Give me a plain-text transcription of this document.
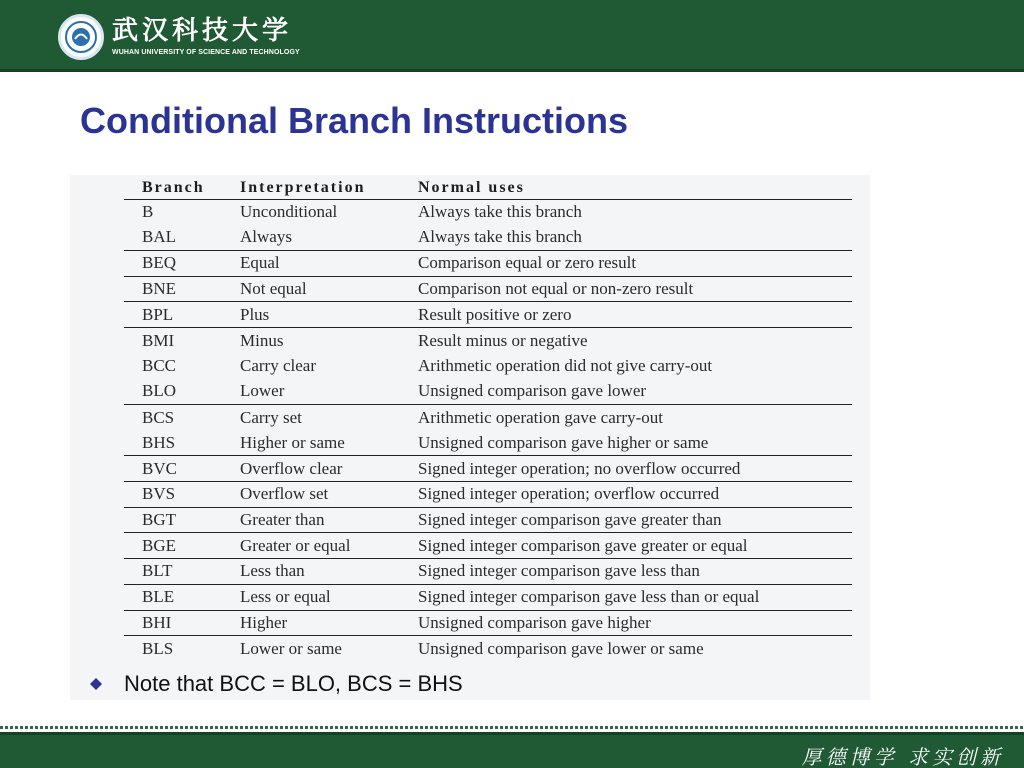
武汉科技大学
WUHAN UNIVERSITY OF SCIENCE AND TECHNOLOGY
Conditional Branch Instructions
Branch	Interpretation	Normal uses
B	Unconditional	Always take this branch
BAL	Always	Always take this branch
BEQ	Equal	Comparison equal or zero result
BNE	Not equal	Comparison not equal or non-zero result
BPL	Plus	Result positive or zero
BMI	Minus	Result minus or negative
BCC	Carry clear	Arithmetic operation did not give carry-out
BLO	Lower	Unsigned comparison gave lower
BCS	Carry set	Arithmetic operation gave carry-out
BHS	Higher or same	Unsigned comparison gave higher or same
BVC	Overflow clear	Signed integer operation; no overflow occurred
BVS	Overflow set	Signed integer operation; overflow occurred
BGT	Greater than	Signed integer comparison gave greater than
BGE	Greater or equal	Signed integer comparison gave greater or equal
BLT	Less than	Signed integer comparison gave less than
BLE	Less or equal	Signed integer comparison gave less than or equal
BHI	Higher	Unsigned comparison gave higher
BLS	Lower or same	Unsigned comparison gave lower or same
Note that BCC = BLO, BCS = BHS
厚德博学 求实创新
